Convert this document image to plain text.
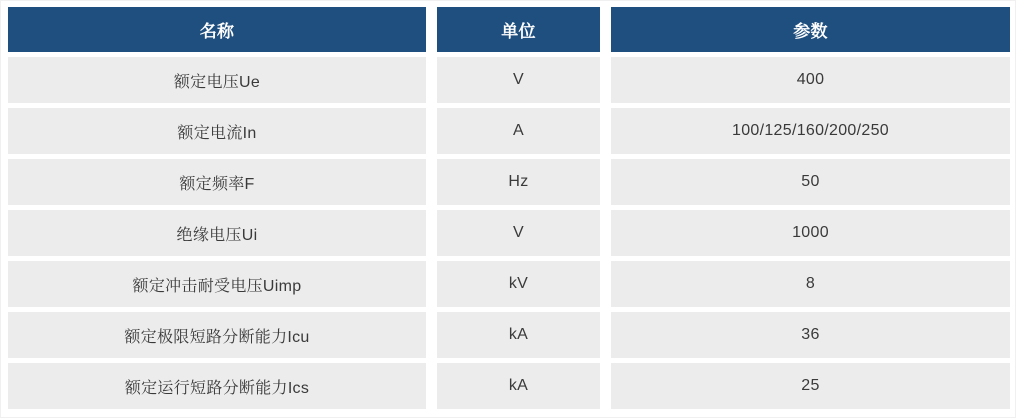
名称	单位	参数
额定电压Ue	V	400
额定电流In	A	100/125/160/200/250
额定频率F	Hz	50
绝缘电压Ui	V	1000
额定冲击耐受电压Uimp	kV	8
额定极限短路分断能力Icu	kA	36
额定运行短路分断能力Ics	kA	25
